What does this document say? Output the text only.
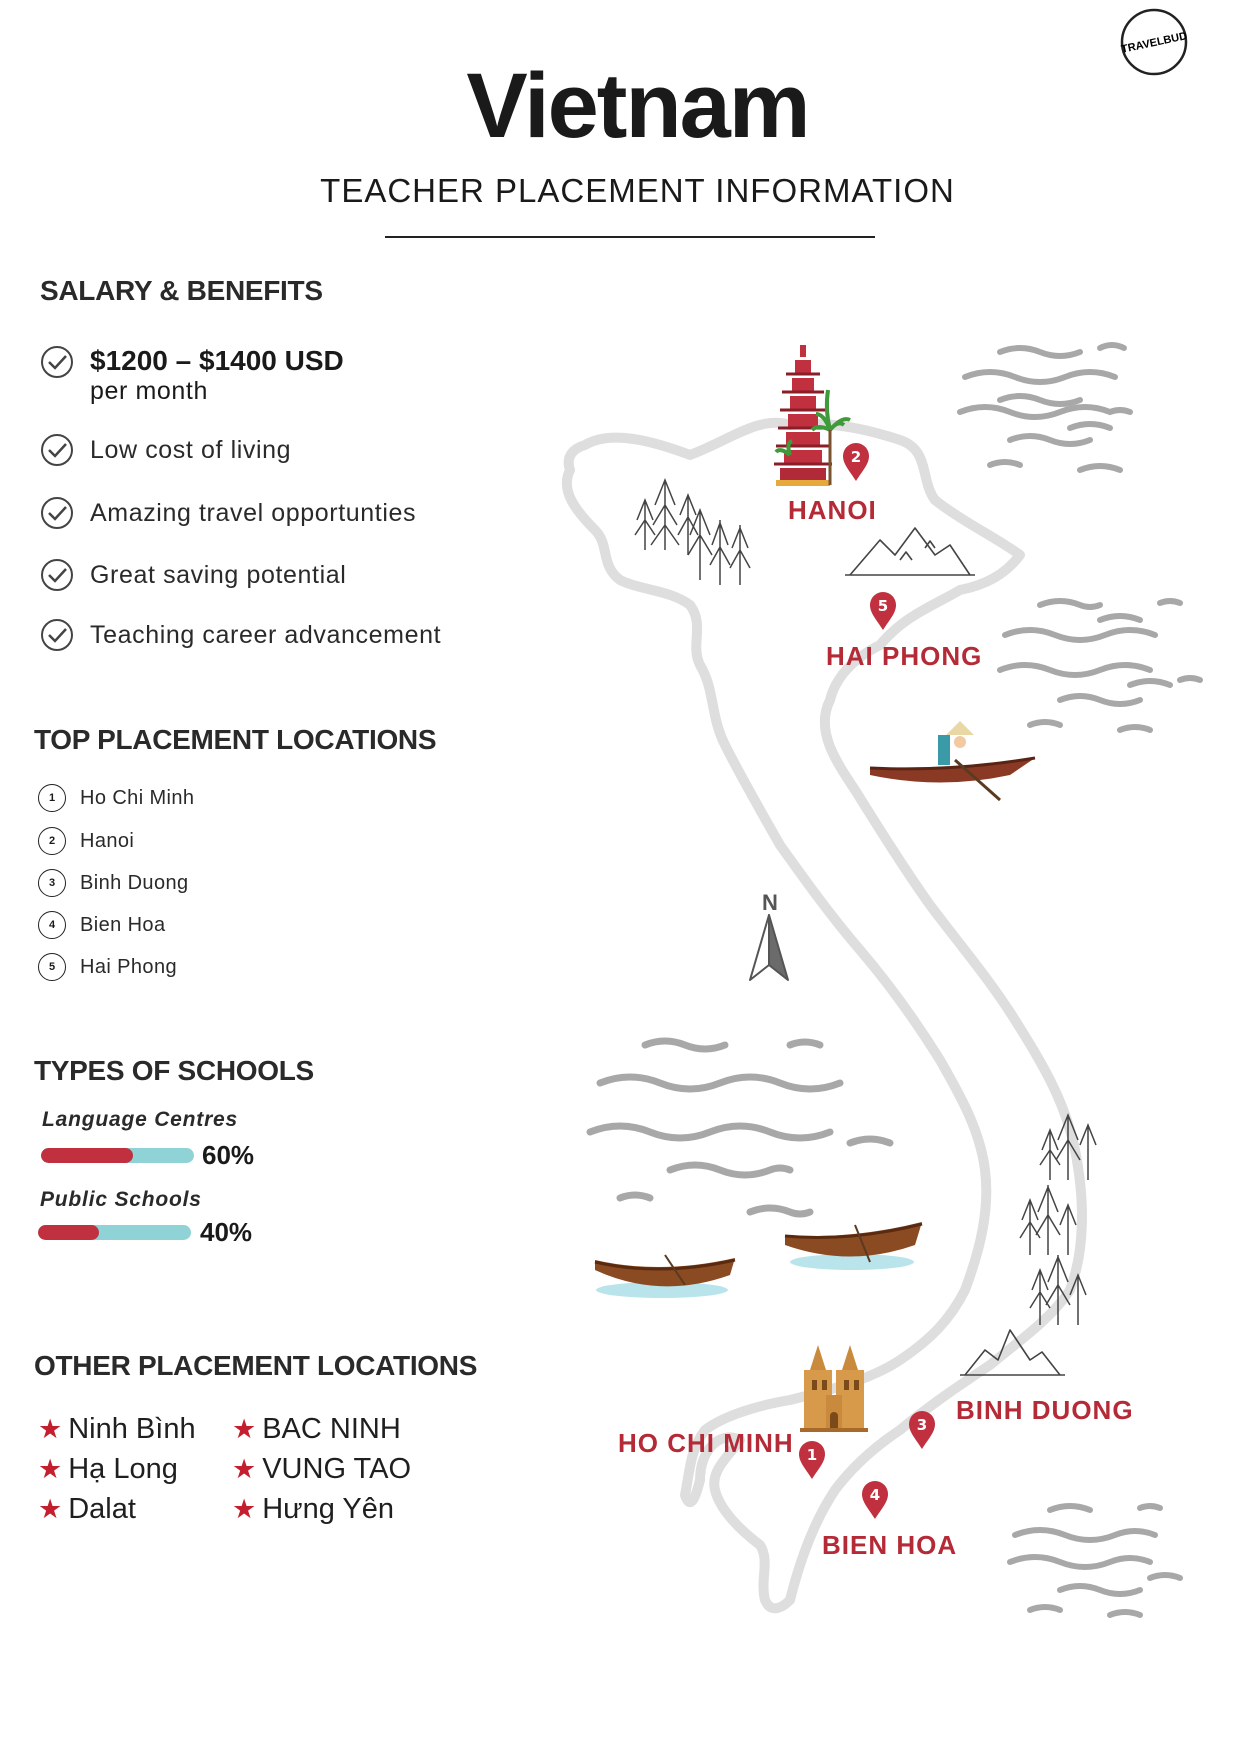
TRAVELBUD
Vietnam
TEACHER PLACEMENT INFORMATION
SALARY & BENEFITS
$1200 – $1400 USD
per month
Low cost of living
Amazing travel opportunties
Great saving potential
Teaching career advancement
TOP PLACEMENT LOCATIONS
1	Ho Chi Minh
2	Hanoi
3	Binh Duong
4	Bien Hoa
5	Hai Phong
TYPES OF SCHOOLS
Language Centres
60%
Public Schools
40%
OTHER PLACEMENT LOCATIONS
★ Ninh Bình
★ Hạ Long
★ Dalat
★ BAC NINH
★ VUNG TAO
★ Hưng Yên
N
2
HANOI
5
HAI PHONG
1
HO CHI MINH
3 BINH DUONG
4
BIEN HOA
